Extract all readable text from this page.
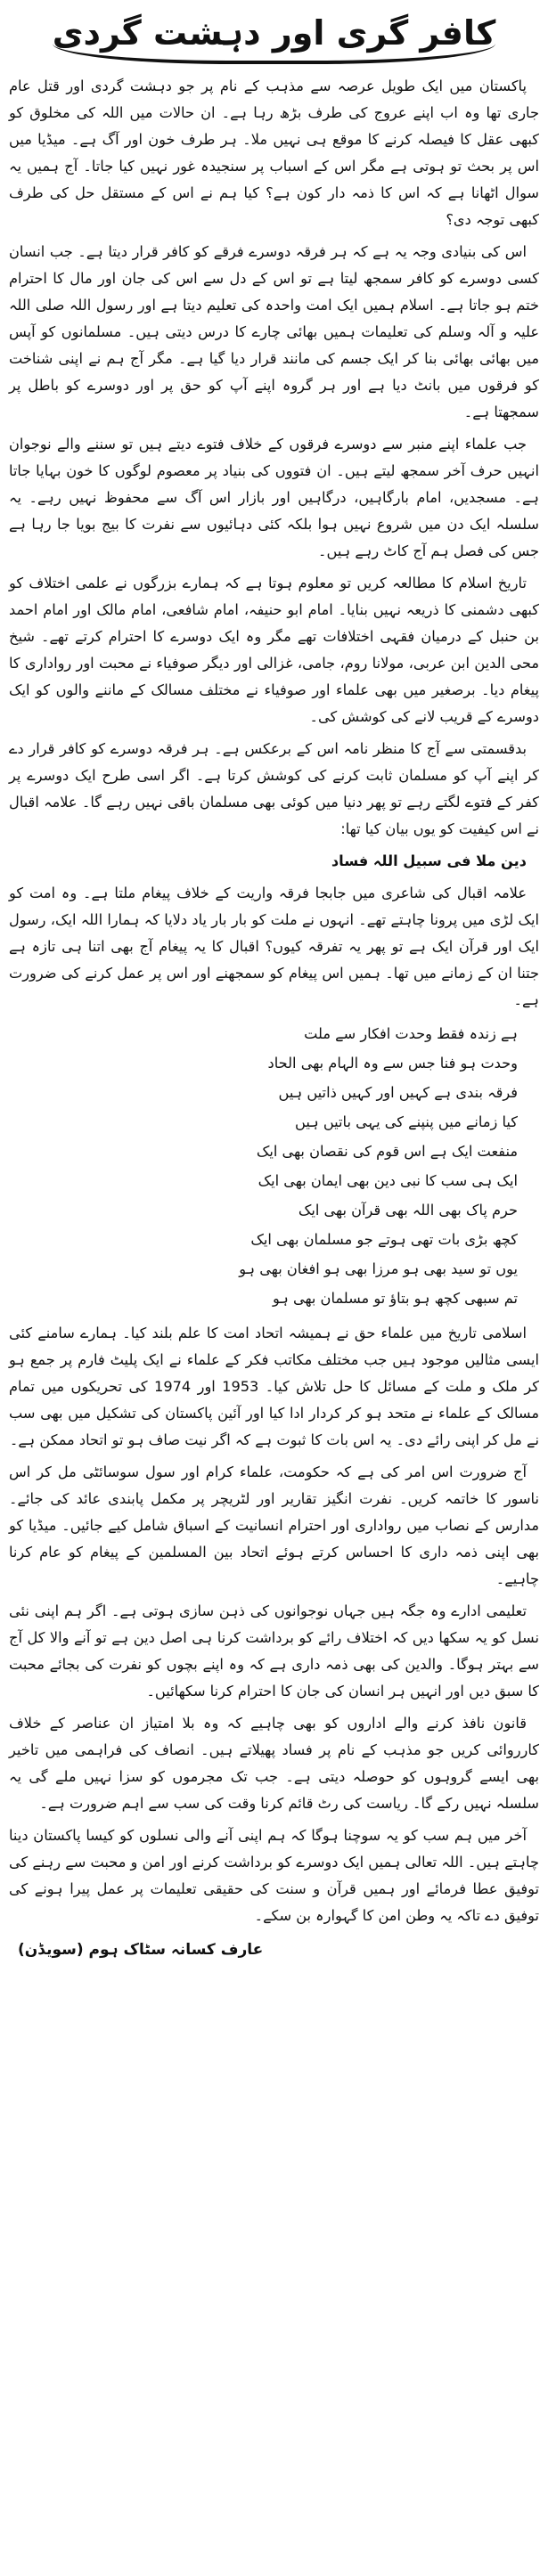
کافر گری اور دہشت گردی

پاکستان میں ایک طویل عرصہ سے مذہب کے نام پر جو دہشت گردی اور قتل عام جاری تھا وہ اب اپنے عروج کی طرف بڑھ رہا ہے۔ ان حالات میں اللہ کی مخلوق کو کبھی عقل کا فیصلہ کرنے کا موقع ہی نہیں ملا۔ ہر طرف خون اور آگ ہے۔ میڈیا میں اس پر بحث تو ہوتی ہے مگر اس کے اسباب پر سنجیدہ غور نہیں کیا جاتا۔ آج ہمیں یہ سوال اٹھانا ہے کہ اس کا ذمہ دار کون ہے؟ کیا ہم نے اس کے مستقل حل کی طرف کبھی توجہ دی؟

اس کی بنیادی وجہ یہ ہے کہ ہر فرقہ دوسرے فرقے کو کافر قرار دیتا ہے۔ جب انسان کسی دوسرے کو کافر سمجھ لیتا ہے تو اس کے دل سے اس کی جان اور مال کا احترام ختم ہو جاتا ہے۔ اسلام ہمیں ایک امت واحدہ کی تعلیم دیتا ہے اور رسول اللہ صلی اللہ علیہ و آلہ وسلم کی تعلیمات ہمیں بھائی چارے کا درس دیتی ہیں۔ مسلمانوں کو آپس میں بھائی بھائی بنا کر ایک جسم کی مانند قرار دیا گیا ہے۔ مگر آج ہم نے اپنی شناخت کو فرقوں میں بانٹ دیا ہے اور ہر گروہ اپنے آپ کو حق پر اور دوسرے کو باطل پر سمجھتا ہے۔

جب علماء اپنے منبر سے دوسرے فرقوں کے خلاف فتوے دیتے ہیں تو سننے والے نوجوان انہیں حرف آخر سمجھ لیتے ہیں۔ ان فتووں کی بنیاد پر معصوم لوگوں کا خون بہایا جاتا ہے۔ مسجدیں، امام بارگاہیں، درگاہیں اور بازار اس آگ سے محفوظ نہیں رہے۔ یہ سلسلہ ایک دن میں شروع نہیں ہوا بلکہ کئی دہائیوں سے نفرت کا بیج بویا جا رہا ہے جس کی فصل ہم آج کاٹ رہے ہیں۔

تاریخ اسلام کا مطالعہ کریں تو معلوم ہوتا ہے کہ ہمارے بزرگوں نے علمی اختلاف کو کبھی دشمنی کا ذریعہ نہیں بنایا۔ امام ابو حنیفہ، امام شافعی، امام مالک اور امام احمد بن حنبل کے درمیان فقہی اختلافات تھے مگر وہ ایک دوسرے کا احترام کرتے تھے۔ شیخ محی الدین ابن عربی، مولانا روم، جامی، غزالی اور دیگر صوفیاء نے محبت اور رواداری کا پیغام دیا۔ برصغیر میں بھی علماء اور صوفیاء نے مختلف مسالک کے ماننے والوں کو ایک دوسرے کے قریب لانے کی کوشش کی۔

بدقسمتی سے آج کا منظر نامہ اس کے برعکس ہے۔ ہر فرقہ دوسرے کو کافر قرار دے کر اپنے آپ کو مسلمان ثابت کرنے کی کوشش کرتا ہے۔ اگر اسی طرح ایک دوسرے پر کفر کے فتوے لگتے رہے تو پھر دنیا میں کوئی بھی مسلمان باقی نہیں رہے گا۔ علامہ اقبال نے اس کیفیت کو یوں بیان کیا تھا:

دین ملا فی سبیل اللہ فساد

علامہ اقبال کی شاعری میں جابجا فرقہ واریت کے خلاف پیغام ملتا ہے۔ وہ امت کو ایک لڑی میں پرونا چاہتے تھے۔ انہوں نے ملت کو بار بار یاد دلایا کہ ہمارا اللہ ایک، رسول ایک اور قرآن ایک ہے تو پھر یہ تفرقہ کیوں؟ اقبال کا یہ پیغام آج بھی اتنا ہی تازہ ہے جتنا ان کے زمانے میں تھا۔ ہمیں اس پیغام کو سمجھنے اور اس پر عمل کرنے کی ضرورت ہے۔

ہے زندہ فقط وحدت افکار سے ملت
وحدت ہو فنا جس سے وہ الہام بھی الحاد
فرقہ بندی ہے کہیں اور کہیں ذاتیں ہیں
کیا زمانے میں پنپنے کی یہی باتیں ہیں
منفعت ایک ہے اس قوم کی نقصان بھی ایک
ایک ہی سب کا نبی دین بھی ایمان بھی ایک
حرم پاک بھی اللہ بھی قرآن بھی ایک
کچھ بڑی بات تھی ہوتے جو مسلمان بھی ایک
یوں تو سید بھی ہو مرزا بھی ہو افغان بھی ہو
تم سبھی کچھ ہو بتاؤ تو مسلمان بھی ہو

اسلامی تاریخ میں علماء حق نے ہمیشہ اتحاد امت کا علم بلند کیا۔ ہمارے سامنے کئی ایسی مثالیں موجود ہیں جب مختلف مکاتب فکر کے علماء نے ایک پلیٹ فارم پر جمع ہو کر ملک و ملت کے مسائل کا حل تلاش کیا۔ 1953 اور 1974 کی تحریکوں میں تمام مسالک کے علماء نے متحد ہو کر کردار ادا کیا اور آئین پاکستان کی تشکیل میں بھی سب نے مل کر اپنی رائے دی۔ یہ اس بات کا ثبوت ہے کہ اگر نیت صاف ہو تو اتحاد ممکن ہے۔

آج ضرورت اس امر کی ہے کہ حکومت، علماء کرام اور سول سوسائٹی مل کر اس ناسور کا خاتمہ کریں۔ نفرت انگیز تقاریر اور لٹریچر پر مکمل پابندی عائد کی جائے۔ مدارس کے نصاب میں رواداری اور احترام انسانیت کے اسباق شامل کیے جائیں۔ میڈیا کو بھی اپنی ذمہ داری کا احساس کرتے ہوئے اتحاد بین المسلمین کے پیغام کو عام کرنا چاہیے۔

تعلیمی ادارے وہ جگہ ہیں جہاں نوجوانوں کی ذہن سازی ہوتی ہے۔ اگر ہم اپنی نئی نسل کو یہ سکھا دیں کہ اختلاف رائے کو برداشت کرنا ہی اصل دین ہے تو آنے والا کل آج سے بہتر ہوگا۔ والدین کی بھی ذمہ داری ہے کہ وہ اپنے بچوں کو نفرت کی بجائے محبت کا سبق دیں اور انہیں ہر انسان کی جان کا احترام کرنا سکھائیں۔

قانون نافذ کرنے والے اداروں کو بھی چاہیے کہ وہ بلا امتیاز ان عناصر کے خلاف کارروائی کریں جو مذہب کے نام پر فساد پھیلاتے ہیں۔ انصاف کی فراہمی میں تاخیر بھی ایسے گروہوں کو حوصلہ دیتی ہے۔ جب تک مجرموں کو سزا نہیں ملے گی یہ سلسلہ نہیں رکے گا۔ ریاست کی رٹ قائم کرنا وقت کی سب سے اہم ضرورت ہے۔

آخر میں ہم سب کو یہ سوچنا ہوگا کہ ہم اپنی آنے والی نسلوں کو کیسا پاکستان دینا چاہتے ہیں۔ اللہ تعالی ہمیں ایک دوسرے کو برداشت کرنے اور امن و محبت سے رہنے کی توفیق عطا فرمائے اور ہمیں قرآن و سنت کی حقیقی تعلیمات پر عمل پیرا ہونے کی توفیق دے تاکہ یہ وطن امن کا گہوارہ بن سکے۔

عارف کسانہ سٹاک ہوم (سویڈن)
